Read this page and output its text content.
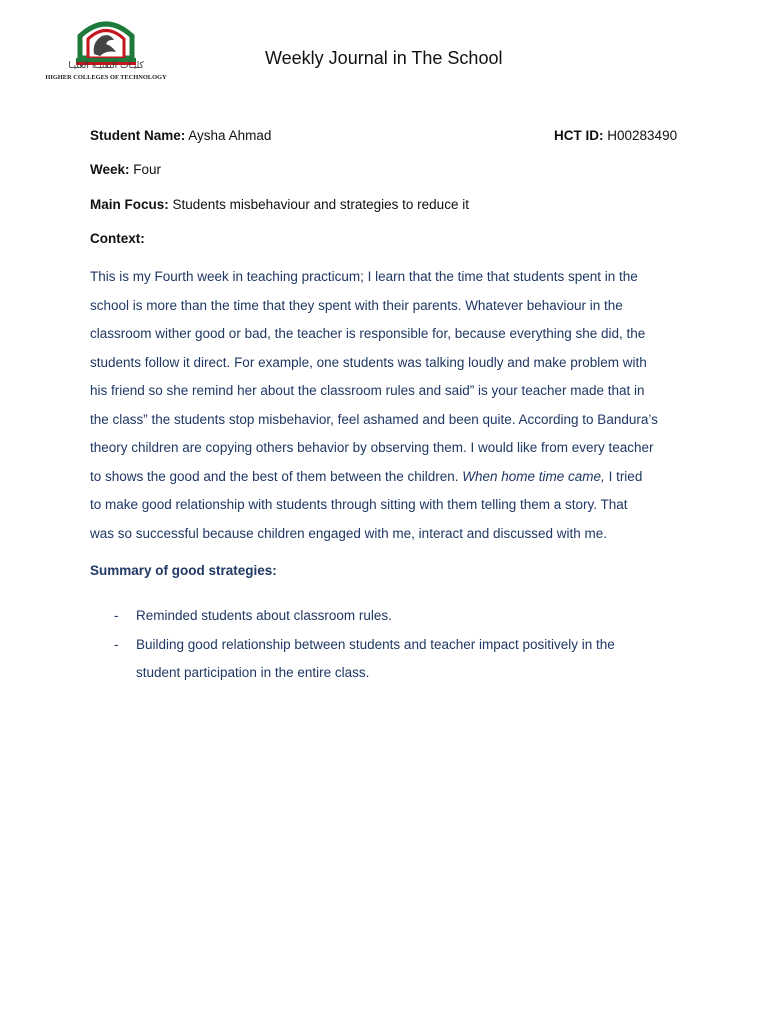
كليـات التقنيـة العليـا
HIGHER COLLEGES OF TECHNOLOGY
Weekly Journal in The School
Student Name: Aysha Ahmad	HCT ID: H00283490
Week: Four
Main Focus: Students misbehaviour and strategies to reduce it
Context:
This is my Fourth week in teaching practicum; I learn that the time that students spent in the
school is more than the time that they spent with their parents. Whatever behaviour in the
classroom wither good or bad, the teacher is responsible for, because everything she did, the
students follow it direct. For example, one students was talking loudly and make problem with
his friend so she remind her about the classroom rules and said” is your teacher made that in
the class” the students stop misbehavior, feel ashamed and been quite. According to Bandura’s
theory children are copying others behavior by observing them. I would like from every teacher
to shows the good and the best of them between the children. When home time came, I tried
to make good relationship with students through sitting with them telling them a story. That
was so successful because children engaged with me, interact and discussed with me.
Summary of good strategies:
- Reminded students about classroom rules.
- Building good relationship between students and teacher impact positively in the
student participation in the entire class.
